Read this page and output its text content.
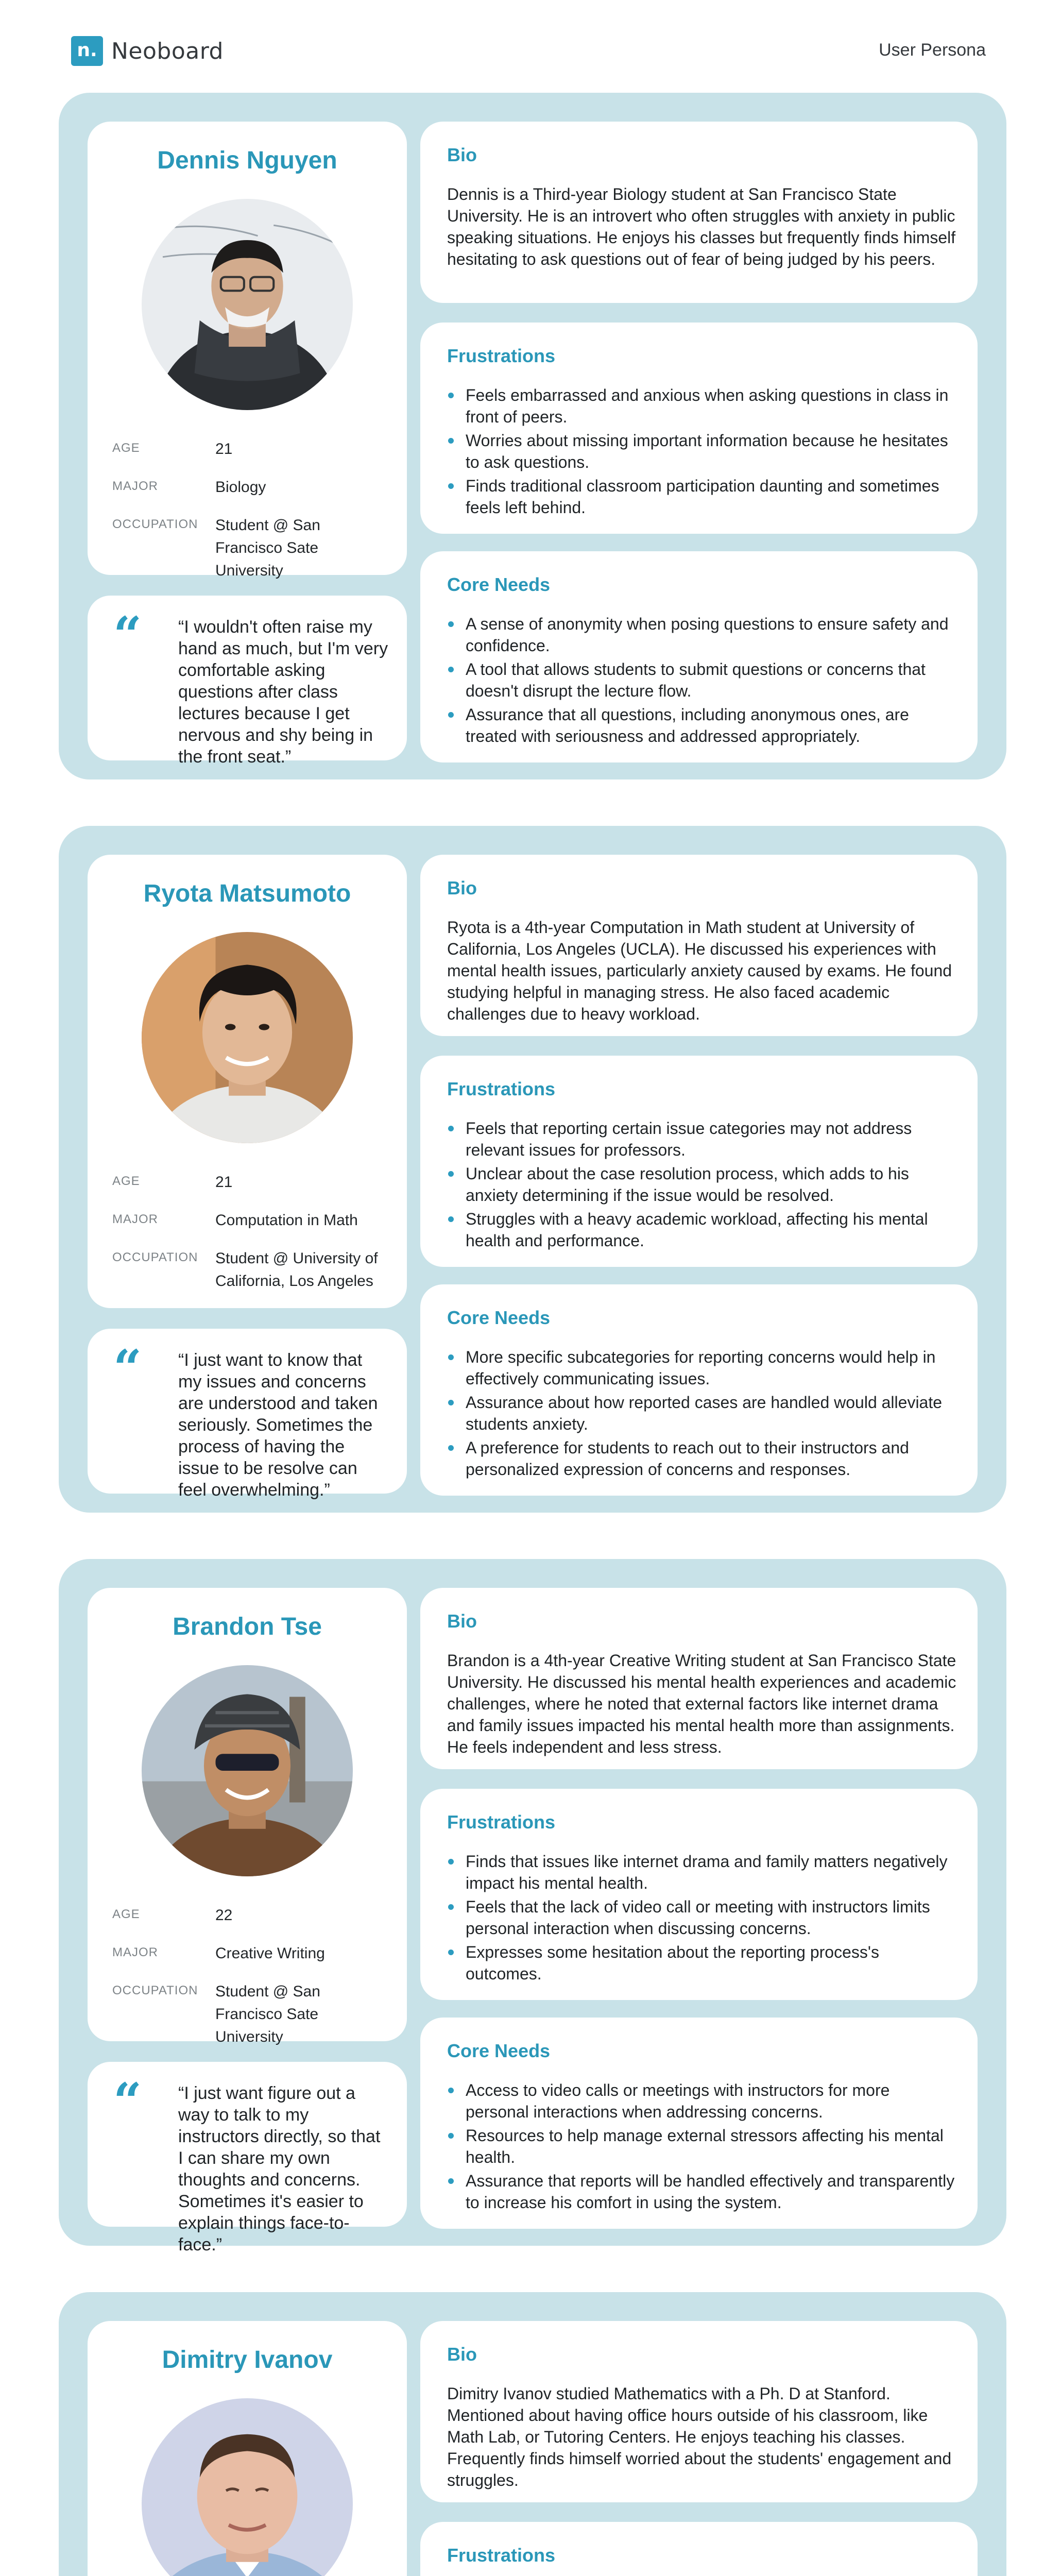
n. Neoboard	User Persona
Dennis Nguyen
AGE	21
MAJOR	Biology
OCCUPATION	Student @ San Francisco Sate University
“ “I wouldn't often raise my hand as much, but I'm very comfortable asking questions after class lectures because I get nervous and shy being in the front seat.”
Bio
Dennis is a Third-year Biology student at San Francisco State University. He is an introvert who often struggles with anxiety in public speaking situations. He enjoys his classes but frequently finds himself hesitating to ask questions out of fear of being judged by his peers.
Frustrations
Feels embarrassed and anxious when asking questions in class in front of peers.
Worries about missing important information because he hesitates to ask questions.
Finds traditional classroom participation daunting and sometimes feels left behind.
Core Needs
A sense of anonymity when posing questions to ensure safety and confidence.
A tool that allows students to submit questions or concerns that doesn't disrupt the lecture flow.
Assurance that all questions, including anonymous ones, are treated with seriousness and addressed appropriately.
Ryota Matsumoto
AGE	21
MAJOR	Computation in Math
OCCUPATION	Student @ University of California, Los Angeles
“ “I just want to know that my issues and concerns are understood and taken seriously. Sometimes the process of having the issue to be resolve can feel overwhelming.”
Bio
Ryota is a 4th-year Computation in Math student at University of California, Los Angeles (UCLA). He discussed his experiences with mental health issues, particularly anxiety caused by exams. He found studying helpful in managing stress. He also faced academic challenges due to heavy workload.
Frustrations
Feels that reporting certain issue categories may not address relevant issues for professors.
Unclear about the case resolution process, which adds to his anxiety determining if the issue would be resolved.
Struggles with a heavy academic workload, affecting his mental health and performance.
Core Needs
More specific subcategories for reporting concerns would help in effectively communicating issues.
Assurance about how reported cases are handled would alleviate students anxiety.
A preference for students to reach out to their instructors and personalized expression of concerns and responses.
Brandon Tse
AGE	22
MAJOR	Creative Writing
OCCUPATION	Student @ San Francisco Sate University
“ “I just want figure out a way to talk to my instructors directly, so that I can share my own thoughts and concerns. Sometimes it's easier to explain things face-to-face.”
Bio
Brandon is a 4th-year Creative Writing student at San Francisco State University. He discussed his mental health experiences and academic challenges, where he noted that external factors like internet drama and family issues impacted his mental health more than assignments. He feels independent and less stress.
Frustrations
Finds that issues like internet drama and family matters negatively impact his mental health.
Feels that the lack of video call or meeting with instructors limits personal interaction when discussing concerns.
Expresses some hesitation about the reporting process's outcomes.
Core Needs
Access to video calls or meetings with instructors for more personal interactions when addressing concerns.
Resources to help manage external stressors affecting his mental health.
Assurance that reports will be handled effectively and transparently to increase his comfort in using the system.
Dimitry Ivanov	Bio
Dimitry Ivanov studied Mathematics with a Ph. D at Stanford. Mentioned about having office hours outside of his classroom, like Math Lab, or Tutoring Centers. He enjoys teaching his classes. Frequently finds himself worried about the students' engagement and struggles.
Frustrations
